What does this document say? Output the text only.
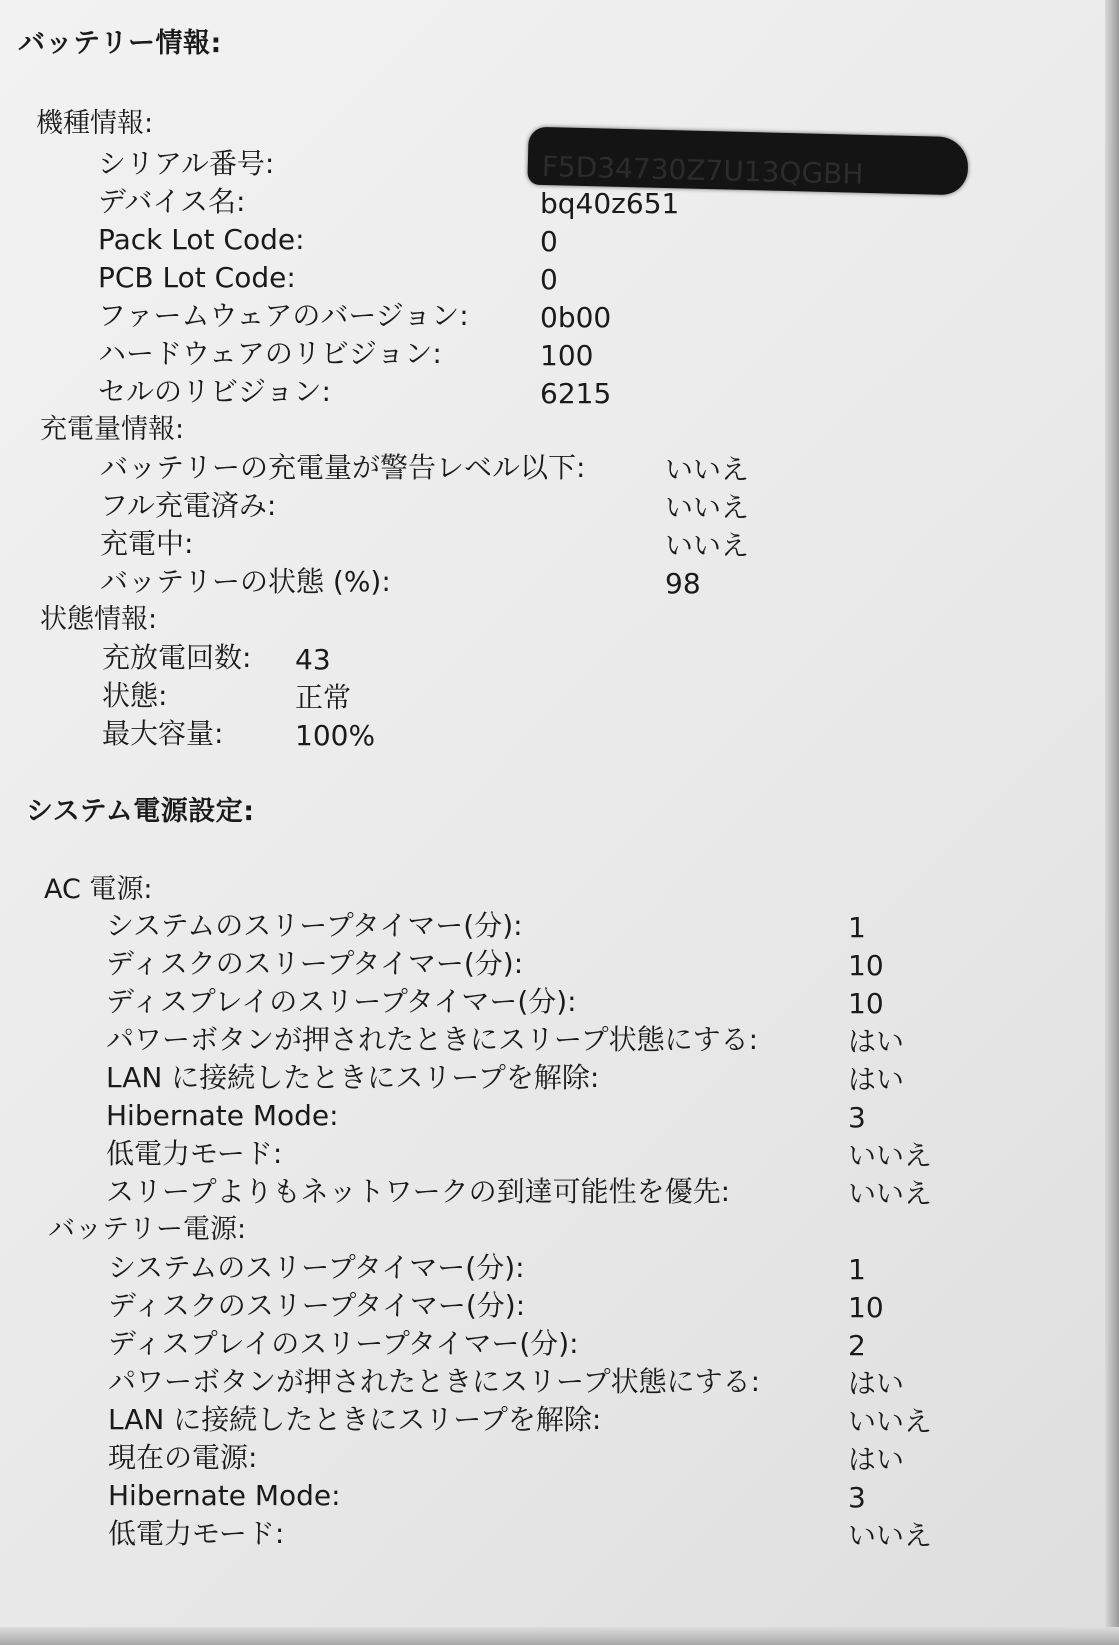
バッテリー情報:
機種情報:
シリアル番号:	F5D34730Z7U13QGBH
デバイス名:	bq40z651
Pack Lot Code:	0
PCB Lot Code:	0
ファームウェアのバージョン:	0b00
ハードウェアのリビジョン:	100
セルのリビジョン:	6215
充電量情報:
バッテリーの充電量が警告レベル以下:	いいえ
フル充電済み:	いいえ
充電中:	いいえ
バッテリーの状態 (%):	98
状態情報:
充放電回数: 43
状態:	正常
最大容量:	100%
システム電源設定:
AC 電源:
システムのスリープタイマー(分):	1
ディスクのスリープタイマー(分):	10
ディスプレイのスリープタイマー(分):	10
パワーボタンが押されたときにスリープ状態にする:	はい
LAN に接続したときにスリープを解除:	はい
Hibernate Mode:	3
低電力モード:	いいえ
スリープよりもネットワークの到達可能性を優先:	いいえ
バッテリー電源:
システムのスリープタイマー(分):	1
ディスクのスリープタイマー(分):	10
ディスプレイのスリープタイマー(分):	2
パワーボタンが押されたときにスリープ状態にする:	はい
LAN に接続したときにスリープを解除:	いいえ
現在の電源:	はい
Hibernate Mode:	3
低電力モード:	いいえ
